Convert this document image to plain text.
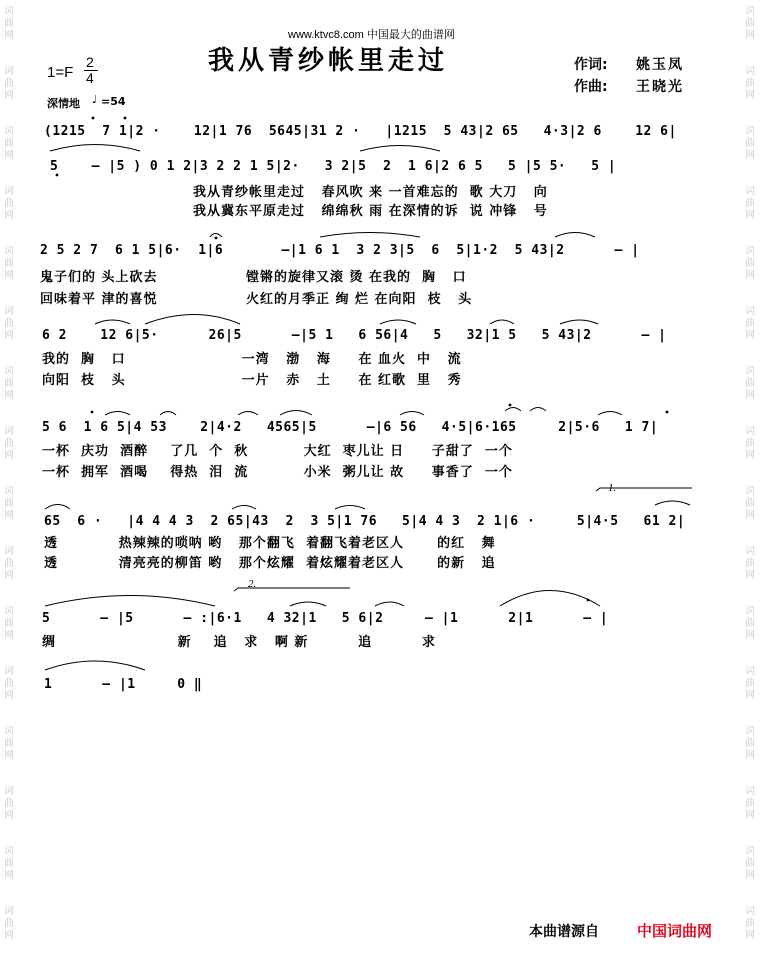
词曲网
词曲网
词曲网
词曲网
词曲网
词曲网
词曲网
词曲网
词曲网
词曲网
词曲网
词曲网
词曲网
词曲网
词曲网
词曲网
词曲网
词曲网
词曲网
词曲网
词曲网
词曲网
词曲网
词曲网
词曲网
词曲网
词曲网
词曲网
词曲网
词曲网
词曲网
词曲网
www.ktvc8.com 中国最大的曲谱网
我从青纱帐里走过
1=F
2
4
深情地 ♩ =54
作词: 姚玉凤
作曲: 王晓光
(1215  7 1|2 ·    12|1 76  5645|31 2 ·   |1215  5 43|2 65   4·3|2 6    12 6|
5    — |5 ) 0 1 2|3 2 2 1 5|2·   3 2|5  2  1 6|2 6 5   5 |5 5·   5 |
我从青纱帐里走过   春风吹 来 一首难忘的  歌 大刀   向
我从冀东平原走过   绵绵秋 雨 在深情的诉  说 冲锋   号
2 5 2 7  6 1 5|6·  1|6       —|1 6 1  3 2 3|5  6  5|1·2  5 43|2      — |
鬼子们的 头上砍去                镗锵的旋律又滚 烫 在我的  胸   口
回味着平 津的喜悦                火红的月季正 绚 烂 在向阳  枝   头
6 2    12 6|5·      26|5      —|5 1   6 56|4   5   32|1 5   5 43|2      — |
我的  胸   口                     一湾   渤   海     在 血火  中   流
向阳  枝   头                     一片   赤   土     在 红歌  里   秀
5 6  1 6 5|4 53    2|4·2   4565|5      —|6 56   4·5|6·165     2|5·6   1 7|
一杯  庆功  酒醉    了几  个  秋          大红  枣儿让 日     子甜了  一个
一杯  拥军  酒喝    得热  泪  流          小米  粥儿让 故     事香了  一个
1.
65  6 ·   |4 4 4 3  2 65|43  2  3 5|1 76   5|4 4 3  2 1|6 ·     5|4·5   61 2|
透           热辣辣的唢呐 哟   那个翻飞  着翻飞着老区人      的红   舞
透           清亮亮的柳笛 哟   那个炫耀  着炫耀着老区人      的新   追
2.
5      — |5      — :|6·1   4 32|1   5 6|2     — |1      2|1      — |
绸                      新    追   求   啊 新         追         求
1      — |1     0 ‖
本曲谱源自	中国词曲网
